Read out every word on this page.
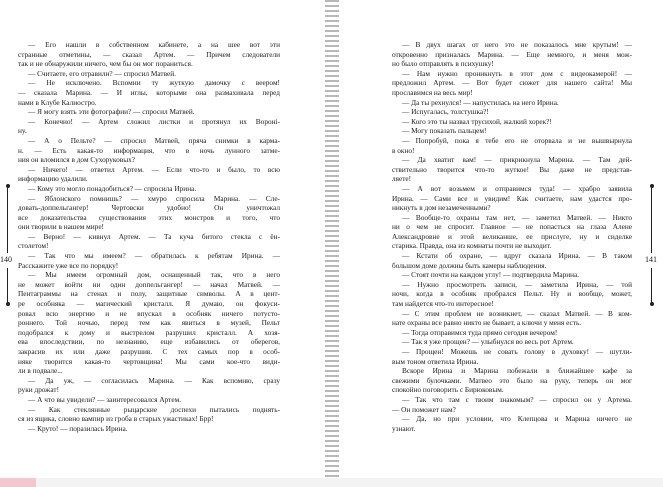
— Его нашли в собственном кабинете, а на шее вот эти
странные отметины, — сказал Артем. — Причем следователи
так и не обнаружили ничего, чем бы он мог пораниться.
— Считаете, его отравили? — спросил Матвей.
— Не исключено. Вспомни ту жуткую дамочку с веером!
— сказала Марина. — И иглы, которыми она размахивала перед
нами в Клубе Калиостро.
— Я могу взять эти фотографии? — спросил Матвей.
— Конечно! — Артем сложил листки и протянул их Вороні-
ну.
— А о Пельте? — спросил Матвей, пряча снимки в карма-
н. — Есть какая-то информация, что в ночь лунного затме-
ния он вломился в дом Сухоруковых?
— Ничего! — ответил Артем. — Если что-то и было, то всю
информацию удалили.
— Кому это могло понадобиться? — спросила Ирина.
— Яблонского помнишь? — хмуро спросила Марина. — Сле-
довать-доппельгангер! Чертовски удобно! Он уничтожал
все доказательства существования этих монстров и того, что
они творили в нашем мире!
— Верно! — кивнул Артем. — Та куча битого стекла с ён-
столетом!
— Так что мы имеем? — обратилась к ребятам Ирина. —
Расскажите уже все по порядку!
— Мы имеем огромный дом, оснащенный так, что в него
не может войти ни один доппельгангер! — начал Матвей. —
Пентаграммы на стенах и полу, защитные символы. А в цент-
ре особняка — магический кристалл. Я думаю, он фокуси-
ровал всю энергию и не впускал в особняк ничего потусто-
роннего. Той ночью, перед тем как явиться в музей, Пельт
подобрался к дому и выстрелом разрушил кристалл. А хозя-
ева впоследствии, по незнанию, еще избавились от оберегов,
закрасив их или даже разрушив. С тех самых пор в особ-
няке творится какая-то чертовщина! Мы сами кое-что види-
ли в подвале...
— Да уж, — согласилась Марина. — Как вспомню, сразу
руки дрожат!
— А что вы увидели? — заинтересовался Артем.
— Как стеклянные рыцарские доспехи пытались поднять-
ся из ящика, словно вампир из гроба в старых ужастиках! Брр!
— Круто! — поразилась Ирина.
— В двух шагах от него это не показалось мне крутым! —
откровенно призналась Марина. — Еще немного, и меня мож-
но было отправлять в психушку!
— Нам нужно проникнуть в этот дом с видеокамерой! —
предложил Артем. — Вот будет сюжет для нашего сайта! Мы
прославимся на весь мир!
— Да ты рехнулся! — напустилась на него Ирина.
— Испугалась, толстушка?!
— Кого это ты назвал трусихой, жалкий хорек?!
— Могу показать пальцем!
— Попробуй, пока я тебе его не оторвала и не вышвырнула
в окно!
— Да хватит вам! — прикрикнула Марина. — Там дей-
ствительно творится что-то жуткое! Вы даже не представ-
ляете!
— А вот возьмем и отправимся туда! — храбро заявила
Ирина. — Сами все и увидим! Как считаете, нам удастся про-
никнуть в дом незамеченными?
— Вообще-то охраны там нет, — заметил Матвей. — Никто
ни о чем не спросит. Главное — не попасться на глаза Алене
Александровне и этой великанше, ее прислуге, ну и сиделке
старика. Правда, она из комнаты почти не выходит.
— Кстати об охране, — вдруг сказала Ирина. — В таком
большом доме должны быть камеры наблюдения.
— Стоят почти на каждом углу! — подтвердила Марина.
— Нужно просмотреть записи, — заметила Ирина, — той
ночи, когда в особняк пробрался Пельт. Ну и вообще, может,
там найдется что-то интересное!
— С этим проблем не возникнет, — сказал Матвей. — В ком-
нате охраны все равно никто не бывает, а ключи у меня есть.
— Тогда отправимся туда прямо сегодня вечером!
— Так я уже прощен? — улыбнулся во весь рот Артем.
— Прощен! Можешь не совать голову в духовку! — шутли-
вым тоном ответила Ирина.
Вскоре Ирина и Марина побежали в ближайшее кафе за
свежими булочками. Матвео это было на руку, теперь он мог
спокойно поговорить с Бирюковым.
— Так что там с твоим знакомым? — спросил он у Артема.
— Он поможет нам?
— Да, но при условии, что Клепцова и Марина ничего не
узнают.
140	141
